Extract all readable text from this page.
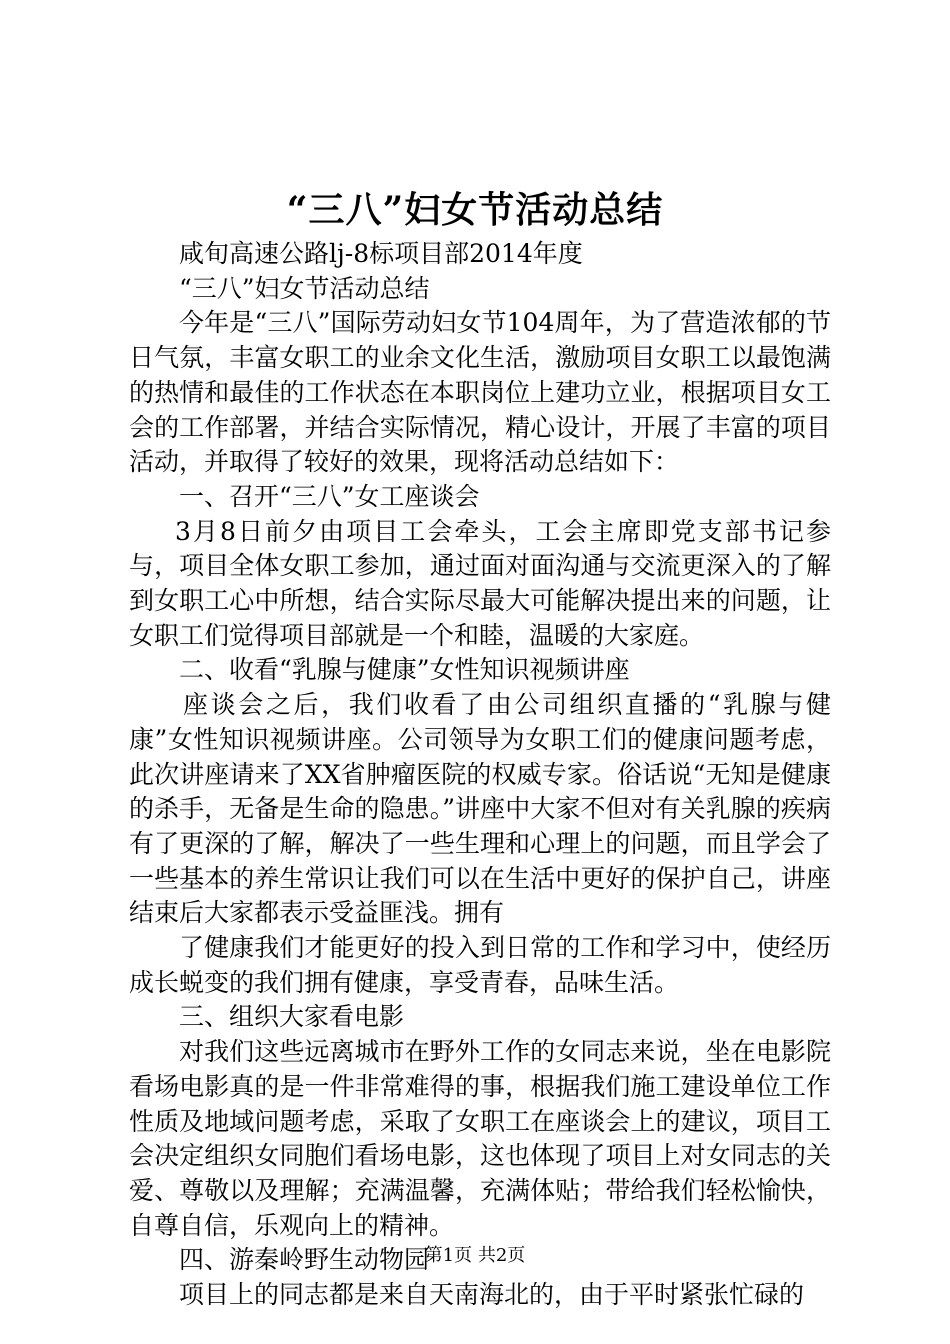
“三八”妇女节活动总结

咸旬高速公路lj-8标项目部2014年度

“三八”妇女节活动总结

今年是“三八”国际劳动妇女节104周年，为了营造浓郁的节日气氛，丰富女职工的业余文化生活，激励项目女职工以最饱满的热情和最佳的工作状态在本职岗位上建功立业，根据项目女工会的工作部署，并结合实际情况，精心设计，开展了丰富的项目活动，并取得了较好的效果，现将活动总结如下：

一、召开“三八”女工座谈会

3月8日前夕由项目工会牵头，工会主席即党支部书记参与，项目全体女职工参加，通过面对面沟通与交流更深入的了解到女职工心中所想，结合实际尽最大可能解决提出来的问题，让女职工们觉得项目部就是一个和睦，温暖的大家庭。

二、收看“乳腺与健康”女性知识视频讲座

座谈会之后，我们收看了由公司组织直播的“乳腺与健康”女性知识视频讲座。公司领导为女职工们的健康问题考虑，此次讲座请来了XX省肿瘤医院的权威专家。俗话说“无知是健康的杀手，无备是生命的隐患。”讲座中大家不但对有关乳腺的疾病有了更深的了解，解决了一些生理和心理上的问题，而且学会了一些基本的养生常识让我们可以在生活中更好的保护自己，讲座结束后大家都表示受益匪浅。拥有

了健康我们才能更好的投入到日常的工作和学习中，使经历成长蜕变的我们拥有健康，享受青春，品味生活。

三、组织大家看电影

对我们这些远离城市在野外工作的女同志来说，坐在电影院看场电影真的是一件非常难得的事，根据我们施工建设单位工作性质及地域问题考虑，采取了女职工在座谈会上的建议，项目工会决定组织女同胞们看场电影，这也体现了项目上对女同志的关爱、尊敬以及理解；充满温馨，充满体贴；带给我们轻松愉快，自尊自信，乐观向上的精神。

四、游秦岭野生动物园

项目上的同志都是来自天南海北的，由于平时紧张忙碌的

第1页 共2页
